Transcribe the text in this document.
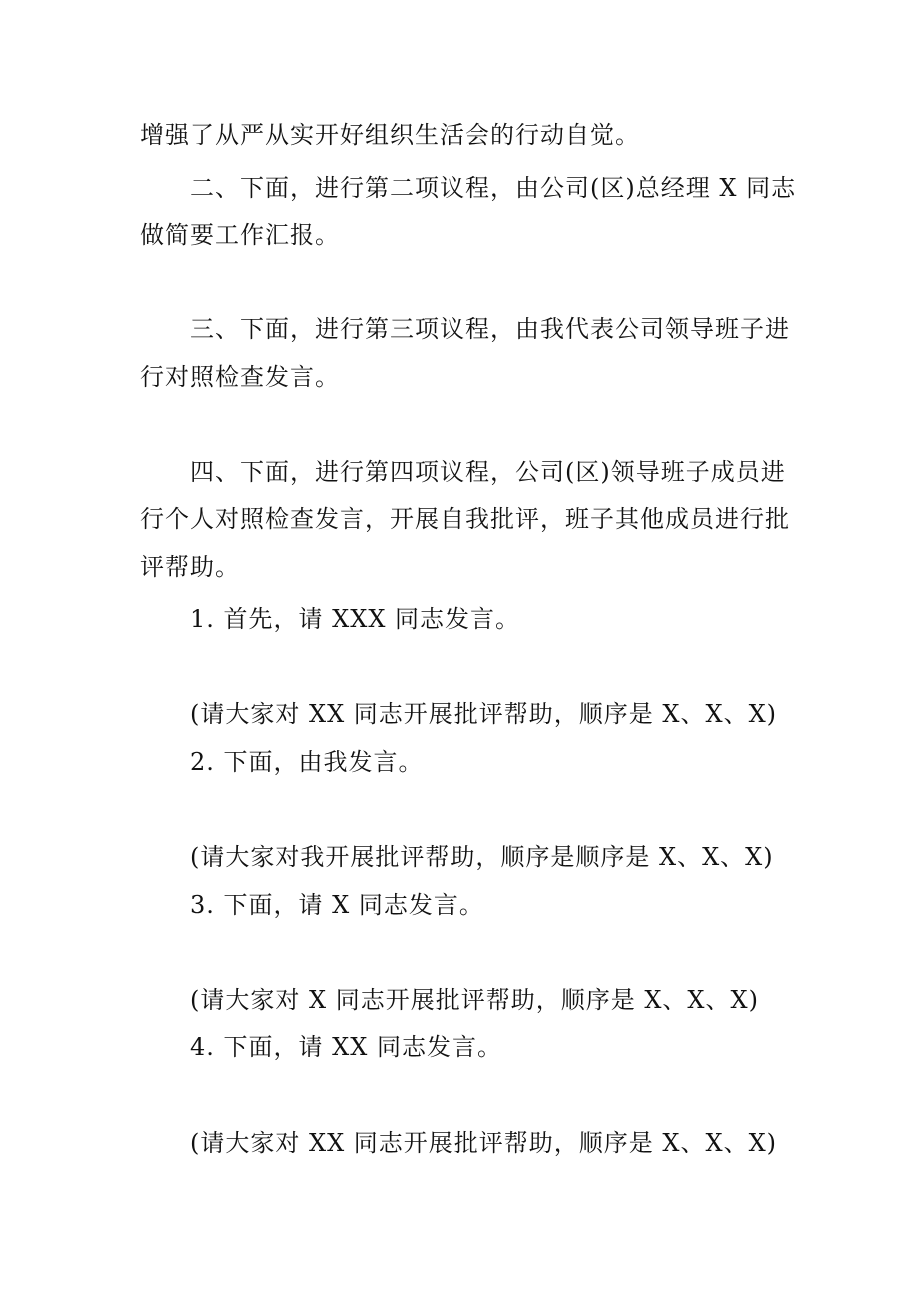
增强了从严从实开好组织生活会的行动自觉。
二、下面，进行第二项议程，由公司(区)总经理 X 同志
做简要工作汇报。
三、下面，进行第三项议程，由我代表公司领导班子进
行对照检查发言。
四、下面，进行第四项议程，公司(区)领导班子成员进
行个人对照检查发言，开展自我批评，班子其他成员进行批
评帮助。
1. 首先，请 XXX 同志发言。
(请大家对 XX 同志开展批评帮助，顺序是 X、X、X)
2. 下面，由我发言。
(请大家对我开展批评帮助，顺序是顺序是 X、X、X)
3. 下面，请 X 同志发言。
(请大家对 X 同志开展批评帮助，顺序是 X、X、X)
4. 下面，请 XX 同志发言。
(请大家对 XX 同志开展批评帮助，顺序是 X、X、X)
